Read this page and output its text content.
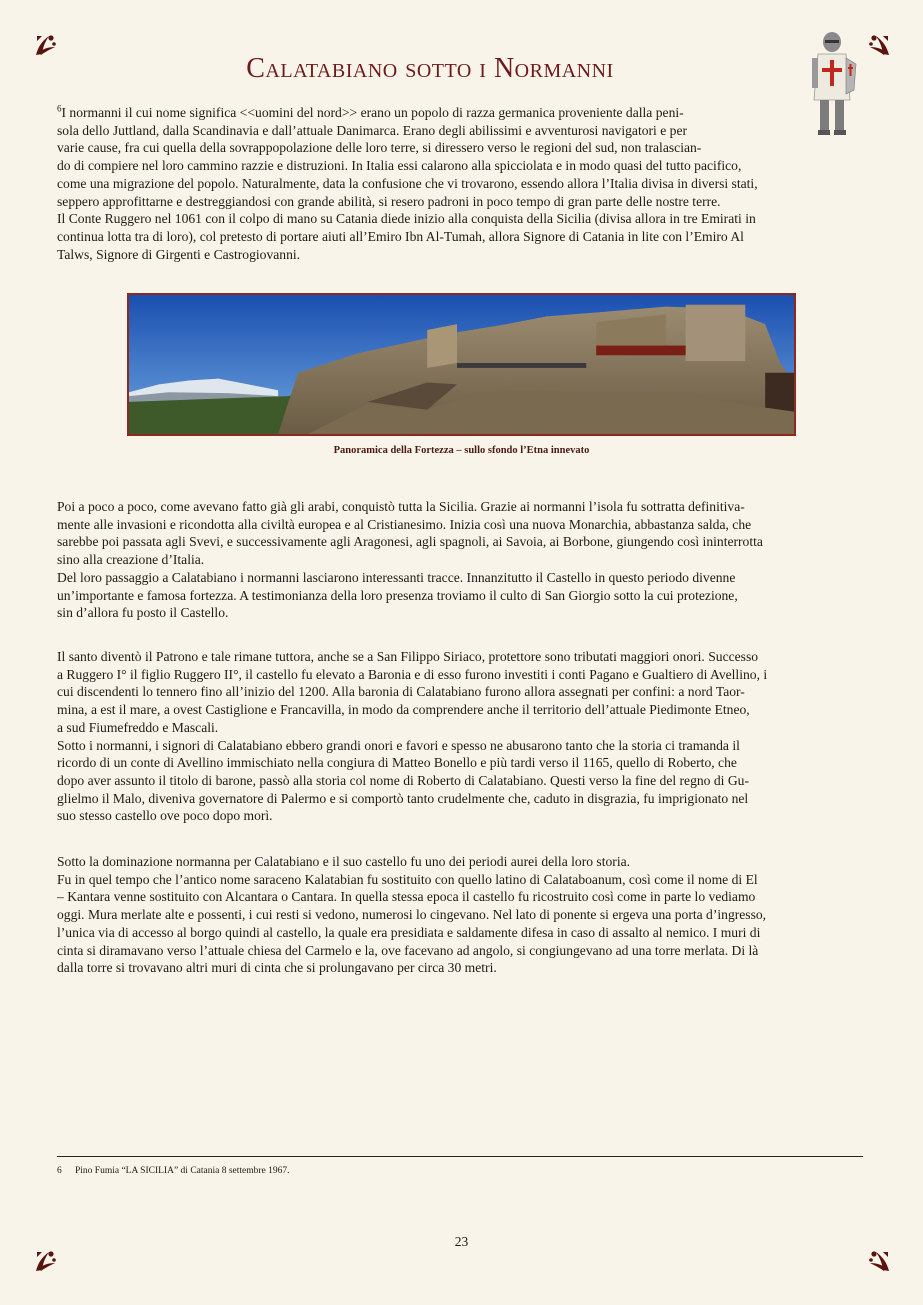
Calatabiano sotto i Normanni

$^6$I normanni il cui nome significa <<uomini del nord>> erano un popolo di razza germanica proveniente dalla peni-

sola dello Juttland, dalla Scandinavia e dall’attuale Danimarca. Erano degli abilissimi e avventurosi navigatori e per

varie cause, fra cui quella della sovrappopolazione delle loro terre, si diressero verso le regioni del sud, non tralascian-

do di compiere nel loro cammino razzie e distruzioni. In Italia essi calarono alla spicciolata e in modo quasi del tutto pacifico,

come una migrazione del popolo. Naturalmente, data la confusione che vi trovarono, essendo allora l’Italia divisa in diversi stati,

seppero approfittarne e destreggiandosi con grande abilità, si resero padroni in poco tempo di gran parte delle nostre terre.

Il Conte Ruggero nel 1061 con il colpo di mano su Catania diede inizio alla conquista della Sicilia (divisa allora in tre Emirati in

continua lotta tra di loro), col pretesto di portare aiuti all’Emiro Ibn Al-Tumah, allora Signore di Catania in lite con l’Emiro Al

Talws, Signore di Girgenti e Castrogiovanni.

Panoramica della Fortezza – sullo sfondo l’Etna innevato

Poi a poco a poco, come avevano fatto già gli arabi, conquistò tutta la Sicilia. Grazie ai normanni l’isola fu sottratta definitiva-

mente alle invasioni e ricondotta alla civiltà europea e al Cristianesimo. Inizia così una nuova Monarchia, abbastanza salda, che

sarebbe poi passata agli Svevi, e successivamente agli Aragonesi, agli spagnoli, ai Savoia, ai Borbone, giungendo così ininterrotta

sino alla creazione d’Italia.

Del loro passaggio a Calatabiano i normanni lasciarono interessanti tracce. Innanzitutto il Castello in questo periodo divenne

un’importante e famosa fortezza. A testimonianza della loro presenza troviamo il culto di San Giorgio sotto la cui protezione,

sin d’allora fu posto il Castello.

Il santo diventò il Patrono e tale rimane tuttora, anche se a San Filippo Siriaco, protettore sono tributati maggiori onori. Successo

a Ruggero I° il figlio Ruggero II°, il castello fu elevato a Baronia e di esso furono investiti i conti Pagano e Gualtiero di Avellino, i

cui discendenti lo tennero fino all’inizio del 1200. Alla baronia di Calatabiano furono allora assegnati per confini: a nord Taor-

mina, a est il mare, a ovest Castiglione e Francavilla, in modo da comprendere anche il territorio dell’attuale Piedimonte Etneo,

a sud Fiumefreddo e Mascali.

Sotto i normanni, i signori di Calatabiano ebbero grandi onori e favori e spesso ne abusarono tanto che la storia ci tramanda il

ricordo di un conte di Avellino immischiato nella congiura di Matteo Bonello e più tardi verso il 1165, quello di Roberto, che

dopo aver assunto il titolo di barone, passò alla storia col nome di Roberto di Calatabiano. Questi verso la fine del regno di Gu-

glielmo il Malo, diveniva governatore di Palermo e si comportò tanto crudelmente che, caduto in disgrazia, fu imprigionato nel

suo stesso castello ove poco dopo morì.

Sotto la dominazione normanna per Calatabiano e il suo castello fu uno dei periodi aurei della loro storia.

Fu in quel tempo che l’antico nome saraceno Kalatabian fu sostituito con quello latino di Calataboanum, così come il nome di El

– Kantara venne sostituito con Alcantara o Cantara. In quella stessa epoca il castello fu ricostruito così come in parte lo vediamo

oggi. Mura merlate alte e possenti, i cui resti si vedono, numerosi lo cingevano. Nel lato di ponente si ergeva una porta d’ingresso,

l’unica via di accesso al borgo quindi al castello, la quale era presidiata e saldamente difesa in caso di assalto al nemico. I muri di

cinta si diramavano verso l’attuale chiesa del Carmelo e la, ove facevano ad angolo, si congiungevano ad una torre merlata. Di là

dalla torre si trovavano altri muri di cinta che si prolungavano per circa 30 metri.

6 Pino Fumia “LA SICILIA” di Catania 8 settembre 1967.
23
